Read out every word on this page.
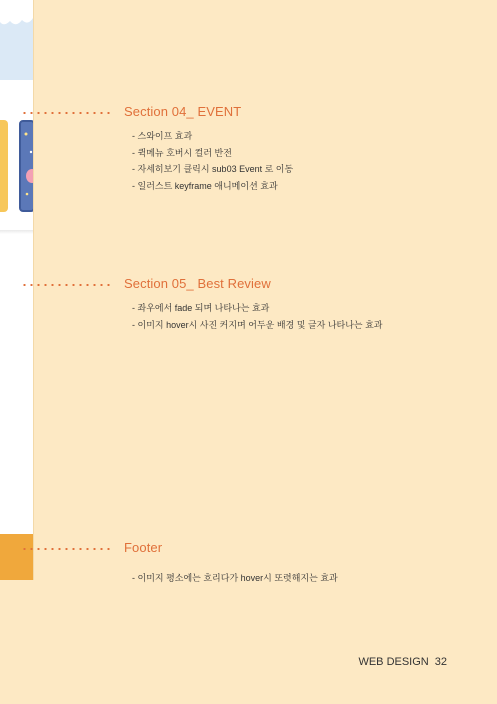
Section 04_ EVENT
- 스와이프 효과
- 퀵메뉴 호버시 컬러 반전
- 자세히보기 클릭시 sub03 Event 로 이동
- 일러스트 keyframe 애니메이션 효과
Section 05_ Best Review
- 좌우에서 fade 되며 나타나는 효과
- 이미지 hover시 사진 커지며 어두운 배경 및 글자 나타나는 효과
Footer
- 이미지 평소에는 흐리다가 hover시 또렷해지는 효과
WEB DESIGN 32
